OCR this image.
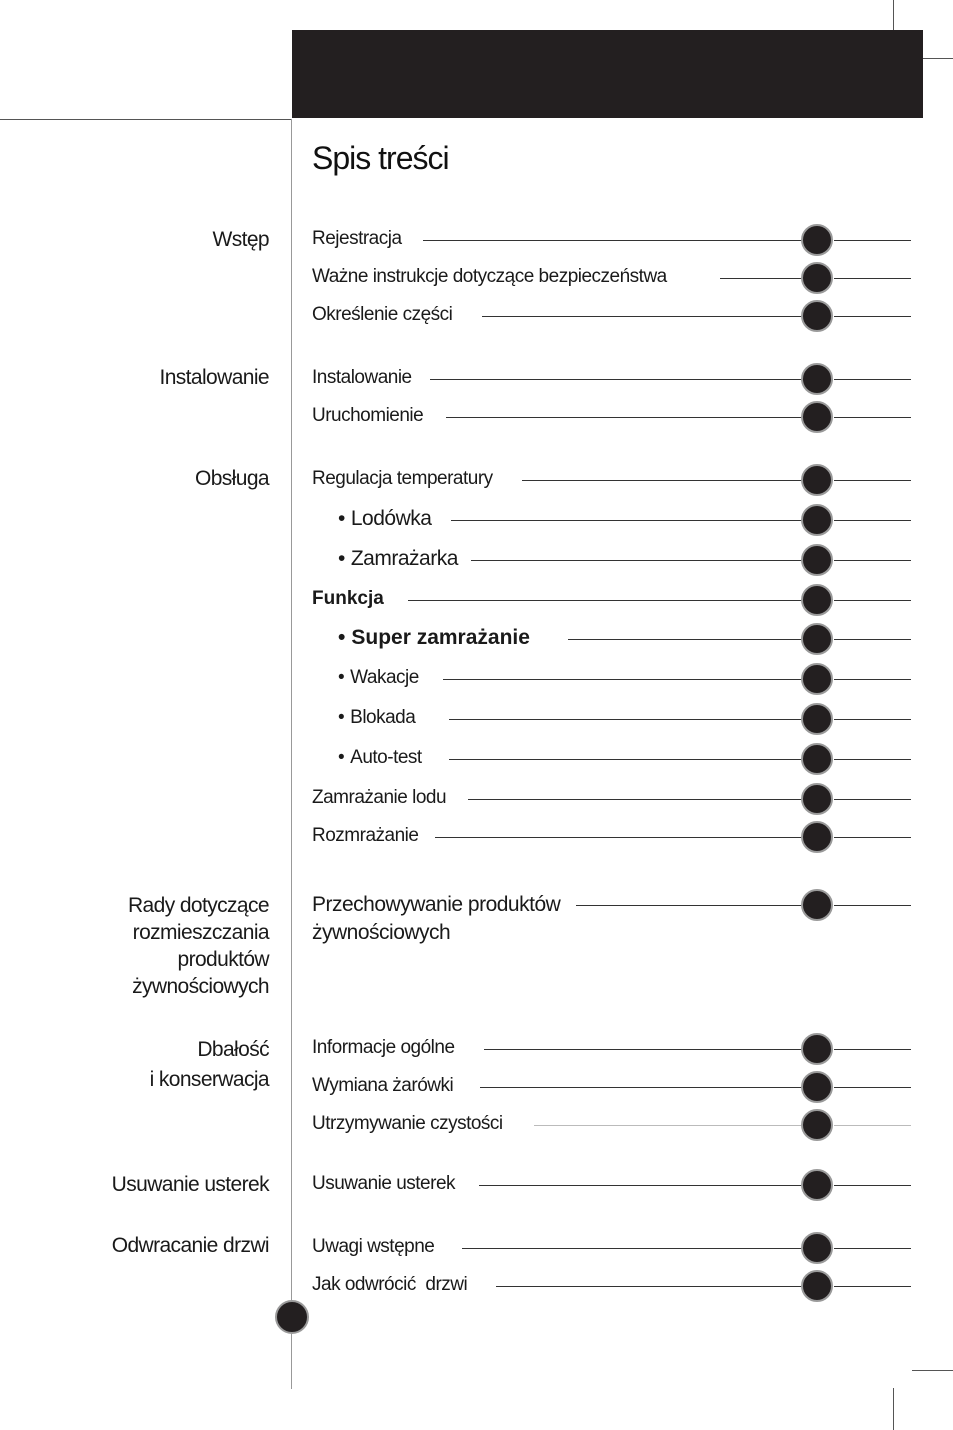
Spis treści
Wstęp
Instalowanie
Obsługa
Rady dotyczące
rozmieszczania
produktów
żywnościowych
Dbałość
i konserwacja
Usuwanie usterek
Odwracanie drzwi
Rejestracja
Ważne instrukcje dotyczące bezpieczeństwa
Określenie części
Instalowanie
Uruchomienie
Regulacja temperatury
• Lodówka
• Zamrażarka
Funkcja
• Super zamrażanie
• Wakacje
• Blokada
• Auto-test
Zamrażanie lodu
Rozmrażanie
Przechowywanie produktów
żywnościowych
Informacje ogólne
Wymiana żarówki
Utrzymywanie czystości
Usuwanie usterek
Uwagi wstępne
Jak odwrócić  drzwi
